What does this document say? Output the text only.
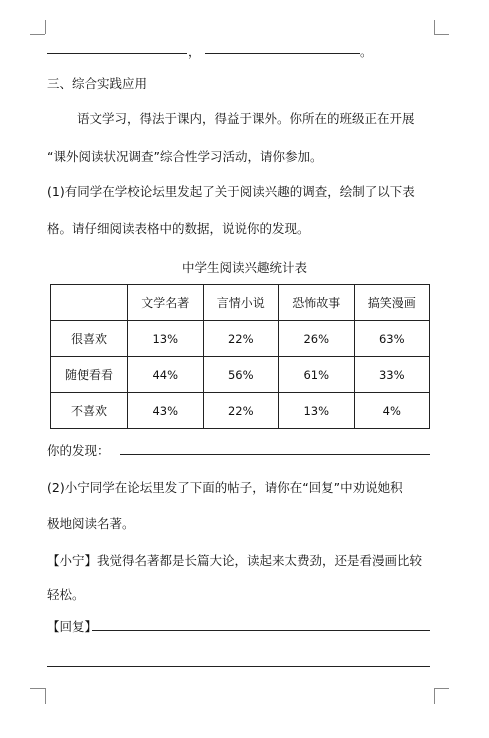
，	。
三、综合实践应用
语文学习，得法于课内，得益于课外。你所在的班级正在开展
“课外阅读状况调查”综合性学习活动，请你参加。
(1)有同学在学校论坛里发起了关于阅读兴趣的调查，绘制了以下表
格。请仔细阅读表格中的数据，说说你的发现。
中学生阅读兴趣统计表
	文学名著	言情小说	恐怖故事	搞笑漫画
很喜欢	13%	22%	26%	63%
随便看看	44%	56%	61%	33%
不喜欢	43%	22%	13%	4%
你的发现：
(2)小宁同学在论坛里发了下面的帖子，请你在“回复”中劝说她积
极地阅读名著。
【小宁】我觉得名著都是长篇大论，读起来太费劲，还是看漫画比较
轻松。
【回复】
